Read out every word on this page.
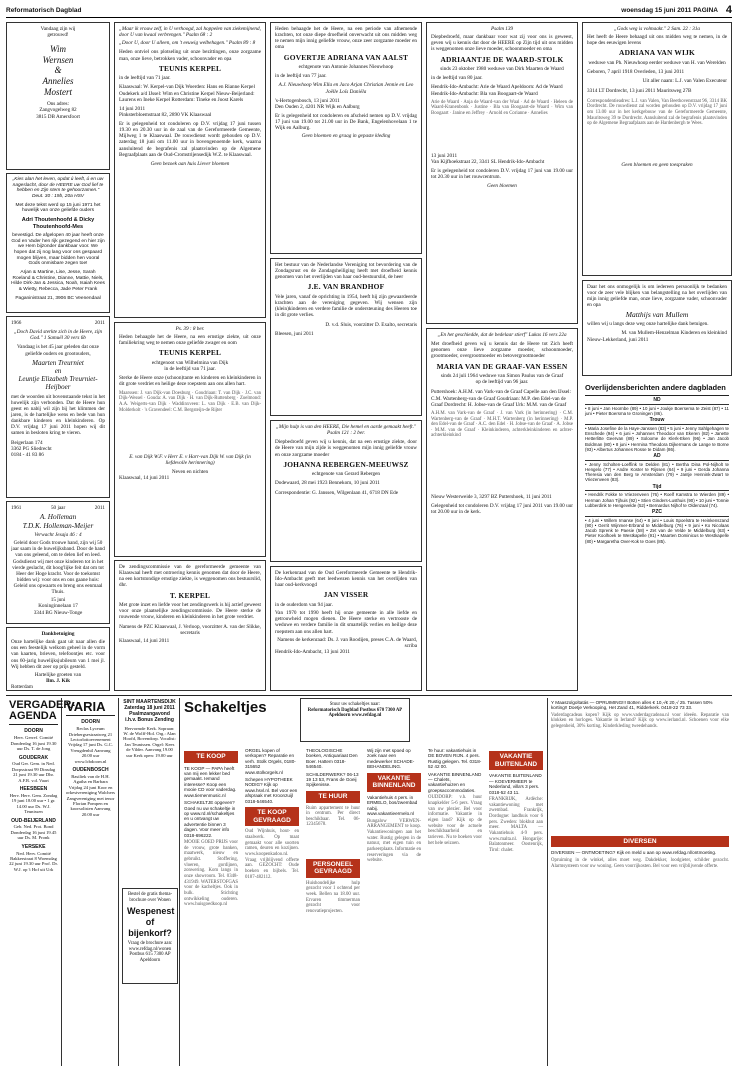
Reformatorisch Dagblad	woensdag 15 juni 2011 PAGINA 4
Vandaag zijn wij
getrouwd!
Wim
Wernsen
&
Annelies
Mostert
Ons adres:
Zangvogelweg 82
3815 DB Amersfoort
„Kies alan het leven, opdat ú leeft, ú en uw nageslacht, door de HEERE uw God lief te hebben en Zijn stem te gehoorzamen." Deut. 30 : 19b, 20a HSV
Met deze tekst werd op 15 juni 1971 het huwelijk van onze geliefde ouders
Adri Thoutenhoofd & Dicky Thoutenhoofd-Mes
bevestigd. De afgelopen 40 jaar heeft onze God en Vader hen rijk gezegend en hier zijn we Hem bijzonder dankbaar voor. We hopen dat zij nog lang voor ons gespaard mogen blijven, maar bidden hen vooral Gods onmisbare zegen toe!
Arjan & Martine, Lise, Jesse, Sarah Roeland & Christine, Dianne, Mattie, Niels, Hilde Dirk-Jan & Jessica, Noah, Isaiah Kees & Wietty, Rebecca, Jade Peter Frank
Paganinistraat 21, 3906 BC Veenendaal
1966	2011
„Doch David sterkte zich in de Heere, zijn God." 1 Samuël 30 vers 6b
Vandaag is het 45 jaar geleden dat onze geliefde ouders en grootouders,
Maarten Treurniet
en
Leuntje Elizabeth Treurniet-
Heijboer
met de woorden uit bovenstaande tekst in het huwelijk zijn verbonden. Dat de Heere hun geest en nabij wil zijn bij het klimmen der jaren, is de hartelijke wens en bede van hun dankbare kinderen en kleinkinderen. Op D.V. vrijdag 17 juni 2011 hopen wij dit samen in besloten kring te vieren.
Beigerlaan 174
3362 PG Sliedrecht
0184 - 41 83 86
1961	50 jaar	2011
A. Holleman
T.D.K. Holleman-Meijer
Verwacht Jesaja 46 : 4
Geleid door Gods trouwe hand, zijn wij 50 jaar saam in de huwelijksband. Door de hand van ons geleend, om te delen lief en leed. Godsdienst wij met onze kinderen tot in het vierde geslacht, dit hoog'lijke feit dat om tot Heer der Hoge kracht. Voor de toekomst bidden wij: voor ons en ons gaane huis: Geleid ons opwaarts en breng ons eenmaal Thuis.
15 juni
Koninginnelaan 17
3344 BG Nieuw-Tonge
Dankbetuiging
Onze hartelijke dank gaat uit naar allen die ons een feestelijk welkom geheel in de vorm van kaarten, brieven, telefoontjes etc. voor ons 60-jarig huwelijksjubileum van 1 mei jl. Wij hebben dit zeer op prijs gesteld.
Hartelijke groeten van
Ilm. J. Kik
Rotterdam
„Maar ik vrouw zelf, in U verhoogd, zal hoppelen van ziekemijnend, door U van kwaal verbrengen." Psalm 68 : 2
„Door U, door U alleen, om 't eeuwig welbehagen." Psalm 89 : 8
Heden ontviel ons plotseling uit onze bezittingen, onze zorgzame man, onze lieve, betrokken vader, schoonvader en opa
TEUNIS KERPEL
in de leeftijd van 71 jaar.
Klaaswaal: W. Kerpel-van Dijk Woerden: Hans en Rianne Kerpel Oudekerk a/d IJssel: Wim en Christine Kerpel Nieuw-Beijerland: Laurens en Ineke Kerpel Rotterdam: Tineke en Joost Karels
14 juni 2011
Pinksterbloemstraat 82, 2890 VK Klaaswaal
Er is gelegenheid tot condoleren op D.V. vrijdag 17 juni tussen 19.30 en 20.30 uur in de zaal van de Gereformeerde Gemeente, Mijlweg 1 te Klaaswaal. De rouwdienst wordt gehouden op D.V. zaterdag 18 juni om 11.00 uur in bovengenoemde kerk, waarna aansluitend de begrafenis zal plaatsvinden op de Algemene Begraafplaats aan de Oud-Cromstrijensedijk W.Z. te Klaaswaal.
Geen bezoek aan huis Liever bloemen
Ps. 39 : 8 ber.
Heden behaagde het de Heere, na een ernstige ziekte, uit onze familiekring weg te nemen onze geliefde zwager en oom
TEUNIS KERPEL
echtgenoot van Wilhelmina van Dijk
in de leeftijd van 71 jaar.
Sterke de Heere onze (schoon)tante en kinderen en kleinkinderen in dit grote verdriet en heilige deze roepstem aan ons allen hart.
Maarssen: J. van Dijk-van Doesburg · Goudriaan: T. van Dijk · J.C. van Dijk-Wessel · Gouda: A. van Dijk · H. van Dijk-Ruttenberg · Zoelmond: A.A. Weigerts-van Dijk · Waddinxveen: L. van Dijk · E.B. van Dijk-Molderkolt · 's Gravendeel: C.M. Bergsteijn-de Rijter
E. van Dijk W.F. v Herr E. v Harr-van Dijk W. van Dijk (in liefdevolle herinnering)
Neven en nichten
Klaaswaal, 14 juni 2011
De zendingscommissie van de gereformeerde gemeente van Klaaswaal heeft met ontroering kennis genomen dat door de Heere, na een kortstondige ernstige ziekte, is weggenomen ons bestuurslid, dhr.
T. KERPEL
Met grote inzet en liefde voor het zendingswerk is hij actief geweest voor onze plaatselijke zendingscommissie. De Heere sterke de rouwende vrouw, kinderen en kleinkinderen in het grote verdriet.
Namens de PZC Klaaswaal, J. Verloop, voorzitter A. van der Slikke, secretaris
Klaaswaal, 14 juni 2011
Heden behaagde het de Heere, na een periode van afnemende krachten, tot onze diepe droefheid onverwacht uit ons midden weg te nemen mijn innig geliefde vrouw, onze zeer zorgzame moeder en oma
GOVERTJE ADRIANA VAN AALST
echtgenote van Antonie Johannes Nieuwhoop
in de leeftijd van 77 jaar.
A.J. Nieuwhoop Wim Ella en Jaco Arjan Christian Jennie en Leo Joëlle Loïs Daniëla
's-Hertogenbosch, 13 juni 2011
Den Ouden 2, 4201 NR Wijk en Aalburg
Er is gelegenheid tot condoleren en afscheid nemen op D.V. vrijdag 17 juni van 19.00 tot 21.00 uur in De Bank, Engelenhovelaan 1 te Wijk en Aalburg.
Geen bloemen en graag in gepaste kleding
Het bestuur van de Nederlandse Vereniging tot bevordering van de Zondagsrust en de Zondagsheiliging heeft met droefheid kennis genomen van het overlijden van haar oud-bestuurslid, de heer
J.E. VAN BRANDHOF
Vele jaren, vanaf de oprichting in 1954, heeft hij zijn gewaardeerde krachten aan de vereniging gegeven. Wij wensen zijn (klein)kinderen en verdere familie de ondersteuning des Heeren toe in dit grote verlies.
D. v.d. Sluis, voorzitter D. Exalto, secretaris
Bleesen, juni 2011
„Mijn hulp is van den HEERE, Die hemel en aarde gemaakt heeft." Psalm 121 : 2 ber.
Diepbedroefd geven wij u kennis, dat na een ernstige ziekte, door de Heere van mijn zijde is weggenomen mijn innig geliefde vrouw en onze zorgzame moeder
JOHANNA REBERGEN-MEEUWSZ
echtgenote van Gerard Rebergen
Dodewaard, 28 mei 1923 Bennekom, 10 juni 2011
Correspondentie: G. Janssen, Wilgenlaan 41, 6718 DN Ede
De kerkenraad van de Oud Gereformeerde Gemeente te Hendrik-Ido-Ambacht geeft met leedwezen kennis van het overlijden van haar oud-kerkvoogd
JAN VISSER
in de ouderdom van 94 jaar.
Van 1970 tot 1990 heeft hij onze gemeente in alle liefde en getrouwheid mogen dienen. De Heere sterke en vertrooste de weduwe en verdere familie in dit smartelijk verlies en heilige deze roepstem aan ons allen hart.
Namens de kerkenraad: Ds. J. van Roodijen, preses C.A. de Waard, scriba
Hendrik-Ido-Ambacht, 13 juni 2011
Psalm 139
Diepbedroefd, maar dankbaar voor wat zij voor ons is geweest, geven wij u kennis dat door de HEERE op Zijn tijd uit ons midden is weggenomen onze lieve moeder, schoonmoeder en oma
ADRIAANTJE DE WAARD-STOLK
sinds 23 oktober 1980 weduwe van Dirk Maarten de Waard
in de leeftijd van 80 jaar.
Hendrik-Ido-Ambacht: Arie de Waard Apeldoorn: Ad de Waard Hendrik-Ido-Ambacht: Bla van Boogaart-de Waard
Arie de Waard · Anja de Waard-van der Waal · Ad de Waard · Heleen de Waard-Kranenbonk · Justine · Bla van Boogaart-de Waard · Wim van Boogaart · Janine en Jeffrey · Arnold en Corianne · Annelies
13 juni 2011
Van Kijfhoekstraat 22, 3341 SL Hendrik-Ido-Ambacht
Er is gelegenheid tot condoleren D.V. vrijdag 17 juni van 19.00 uur tot 20.30 uur in het rouwcentrum.
Geen bloemen
„En het geschiedde, dat de bedelaar stierf" Lukas 16 vers 22a
Met droefheid geven wij u kennis dat de Heere tot Zich heeft genomen onze lieve zorgzame moeder, schoonmoeder, grootmoeder, overgrootmoeder en betovergrootmoeder
MARIA VAN DE GRAAF-VAN ESSEN
sinds 24 juli 1964 weduwe van Simon Paulus van de Graaf
op de leeftijd van 96 jaar.
Puttershoek: A.H.M. van Vark-van de Graaf Capelle aan den IJssel: C.M. Wartenberg-van de Graaf Goudriaan: M.P. den Edel-van de Graaf Dordrecht: H. Jobse-van de Graaf Urk: M.M. van de Graaf
A.H.M. van Vark-van de Graaf · J. van Vark (in herinnering) · C.M. Wartenberg-van de Graaf · M.H.T. Wartenberg (in herinnering) · M.P. den Edel-van de Graaf · A.C. den Edel · H. Jobse-van de Graaf · A. Jobse · M.M. van de Graaf · Kleinkinderen, achterkleinkinderen en achter-achterkleinkind
Nieuw Westerweide 3, 3297 BZ Puttershoek, 11 juni 2011
Gelegenheid tot condoleren D.V. vrijdag 17 juni 2011 van 19.00 uur tot 20.00 uur in de kerk.
„Gods weg is volmaakt." 2 Sam. 22 : 31a
Het heeft de Heere behaagd uit ons midden weg te nemen, in de hope des eeuwigen levens
ADRIANA VAN WIJK
weduwe van Ph. Nieuwhoop eerder weduwe van H. van Werelden
Geboren, 7 april 1918 Overleden, 13 juni 2011
Uit aller naam: L.J. van Valen Executeur
3314 LT Dordrecht, 13 juni 2011 Mauritsweg 27B
Correspondentieadres: L.J. van Valen, Van Beethovenstraat 96, 3314 BK Dordrecht. De rouwdienst zal worden gehouden op D.V. vrijdag 17 juni om 13.00 uur in het kerkgebouw van de Gereformeerde Gemeente, Mauritsweg 39 te Dordrecht. Aansluitend zal de begrafenis plaatsvinden op de Algemene Begraafplaats aan de Hardenbergh te Wees.
Geen bloemen en geen toespraken
Daar het ons onmogelijk is om iedereen persoonlijk te bedanken voor de zeer vele blijken van belangstelling na het overlijden van mijn innig geliefde man, onze lieve, zorgzame vader, schoonvader en opa
Matthijs van Mullem
willen wij u langs deze weg onze hartelijke dank betuigen.
M. van Mullem-Henzelman Kinderen en kleinkind
Nieuw-Lekkerland, juni 2011
Overlijdensberichten andere dagbladen
ND
• 8 juni • Jan Hoornbe (89) • 10 juni • Joukje Boersema te Zeist (87) • 11 juni • Pieter Boersma te Groningen (86).
Trouw
• Maria Josefine de la Haye-Janssen (83) • 5 juni • Jenny Sahlgehagen te Enschede (94) • 6 juni • Johannes Theodoor van Ekeren (82) • Janette Hetterlitte Geervan (89) • Soloome de Klerk-Eken (96) • Jan Jacob Boldman (80) • 8 juni • Hermina Theodora Dijkermans de Lange te Borne (93) • Albertus Johannes Rosse te Didam (86).
AD
• Jenny Scholten-Loeffink te Delden (81) • Bertha Dina Pol-Nijholt te Hengelo (77) • Andre Koster te Rijssen (64) • 9 juni • Gerda Johanna Theresia van den Berg te Amsterdam (79) • Jantje Hennink-Zwart te Vriezenveen (83).
Tijd
• Hendrik Fokke te Vriezenveen (76) • Roelf Kamstra te Wierden (89) • Herman Johan Tijhuis (92) • Stien Ginders-Lusthuis (90) • 10 juni • Tonnie Lubberdink te Hengevelde (52) • Bernardus Nijhof te Oldenzaal (74).
PZC
• 4 juni • Willem Imanse (64) • 8 juni • Louis Spoelstra te Heinkenszand (90) • Gerrit Wijnmer-Erbrand te Middelburg (76) • 9 juni • Ko Nicolaas Jacob Sprenk te Paesie (58) • Zet van de Velde te Middelburg (63) • Pieter Koolhoek te Westkapelle (91) • Maarten Dominicus te Westkapelle (80) • Margaretha Over-Kok te Goes (85).
VERGADER-
AGENDA
DOORN
Herv. Gerref. Comité Donderdag 16 juni 19.30 uur Ds. T. de Jong
GOUDERAK
Oud Ger. Gem. in Ned. Dorpsstraat 99 Dinsdag 21 juni 19.30 uur Dhr. A.F.R. v.d. Vaart
HEESBEEN
Herv. Herv. Gem. Zondag 19 juni 18.00 uur • 1 gr. 14.00 uur Ds. W.J. Teunissen
OUD-BEIJERLAND
Geb. Ned. Prot. Bond Donderdag 16 juni 19.45 uur Ds. M. Pronk
YERSEKE
Ned. Herv. Comité Bakkerstraat 8 Woensdag 22 juni 19.30 uur Prof. Dr. W.J. op 't Hof uit Urk
VARIA
DOORN
Reclas Lyceum Driebergsestraatweg 21 Lectorlottoevenement Vrijdag 17 juni Ds. G.C. Vreugdenhil Aanvang 20.00 uur www.lcbdoorn.nl
OUDENBOSCH
Basiliek van de H.H. Agatha en Barbara Vrijdag 24 juni Koor en orkestvereniging Walchers Zangvereniging met tenor Florian Pompen en koorsolisten Aanvang 20.00 uur
SINT MAARTENSDIJK Zaterdag 18 juni 2011 Psalmzangavond i.h.v. Bonus Zending
Hervormde Kerk. Sopraan: W. de Wolff-Hol. Org.: Alan Hoofd, Bovendorp. Vocalist: Jan Teunissen. Orgel: Kees de Vilder. Aanvang 19.00 uur Kerk open: 19.00 uur
Bestel de gratis thema-brochure over Wonen
Wespenest of bijenkorf?
Vraag de brochure aan: www.refdag.nl/wonen Postbus 615 7300 AP Apeldoorn
Schakeltjes	Stuur uw schakeltjes naar:
Reformatorisch Dagblad Postbus 670 7300 AP Apeldoorn www.refdag.nl
TE KOOP
TE KOOP — PAPA heeft van mij een lekker bed gemaakt. Iemand interesse? Koop een mooie CD voor vaderdag. www.tiemenmusic.nl
SCHAKELTJE opgeven? Goed nu uw schakeltje in op www.rd.nl/schakeltjes en u ontvangt uw advertentie binnen 3 dagen. Voor meer info 0318-696222.
MOOIE GOED PRIJS voor de vrouw, grote banken, maatwerk, nieuw en gebruikt. Stoffering, vloeren, gordijnen, zonwering. Kom langs in onze showroom. Tel. 0348-431949. WATERSTOFGAS voor de kacheltjes. Ook in bulk. Stichting ontwikkeling ouderen. www.huisgoedkoop.nl
ORGEL kopen of verkopen? Reparatie en verh. Stolk Orgels, 0180-315652 www.stolkorgels.nl
Schepen HYPOTHEEK NODIG? Kijk op www.hsvl.nl. Bel voor een afspraak met Kroonzuijl 0318-546540.
TE KOOP GEVRAAGD
Oud Wijnhuis, hout- en staalwerk. Op maat gemaakt voor alle soorten ramen, deuren en kozijnen. www.koopenkadoo.nl. Vraag vrijblijvend offerte aan. GEZOCHT: Oude boeken en bijbels. Tel. 0187-482112.
THEOLOGISCHE boeken, Antiquariaat Den Boer. Hattem 0318-546540.
SCHILDERWERK? 06-13 19 13 53, Frans de Goeij Spijkenisse.
TE HUUR
Ruim appartement te huur in centrum. Per direct beschikbaar. Tel. 06-12345678.
PERSONEEL GEVRAAGD
Huishoudelijke hulp gezocht voor 1 ochtend per week. Bellen na 18.00 uur. Ervaren timmerman gezocht voor renovatieprojecten.
Wij zijn met spoed op zoek naar een medewerker SCHADE-BEHANDELING.
VAKANTIE BINNENLAND
Vakantiehuis 4 pers. in ERMELO, bos/zwembad nabij. www.vakantieermelo.nl
Bungalow VERWEN-ARRANGEMENT te koop. Vakantiewoningen aan het water. Rustig gelegen in de natuur, met eigen tuin en parkeerplaats. Informatie en reserveringen via de website.
Te huur: vakantiehuis in DE BOVEN RIJN. 4 pers. Rustig gelegen. Tel. 0318-52 42 00.
VAKANTIE BINNENLAND — Chalets, vakantiehuizen en groepsaccommodaties.
OUDDORP: v.h. huur knapkelder 5-6 pers. Vraag van uw plezier. Bel voor informatie. Vakantie in eigen land? Kijk op de website voor de actuele beschikbaarheid en tarieven. Nu te boeken voor het hele seizoen.
VAKANTIE BUITENLAND
VAKANTIE BUITENLAND — KOEVERMEER te Nederland, villa's 3 pers. 0318-52 43 11.
FRANKRIJK, Ardèche: vakantiewoning met zwembad. Frankrijk, Dordogne: landhuis voor 6 pers. Zweden: blokhut aan meer. MALTA — Vakantiehuis 4-9 pers. www.malta.nl. Hongarije: Balatonmeer. Oostenrijk, Tirol: chalet.
Y Maaszolgoltatás — OPRUIMING!!! Botten alles € 10,-/€ 20,-/ 25. Tassen 50% korting!! Doetje Verkooping, Het Zand 41, Ridderkerk. 0418-22 73 33.
Vaderdagcadeau kopen? Kijk op www.vaderdagcadeau.nl voor ideeën. Reparatie van klokken en horloges. Vakantie in Ierland? Kijk op www.ierland.nl. Schoenen voor elke gelegenheid, 30% korting. Kinderkleding tweedehands.
DIVERSEN
DIVERSEN — ONTMOETING? Kijk en meld u aan op www.refdag.nl/ontmoeting.
Opruiming in de winkel, alles moet weg. Dakdekker, loodgieter, schilder gezocht. Alarmsysteem voor uw woning. Geen voorrijkosten. Bel voor een vrijblijvende offerte.
